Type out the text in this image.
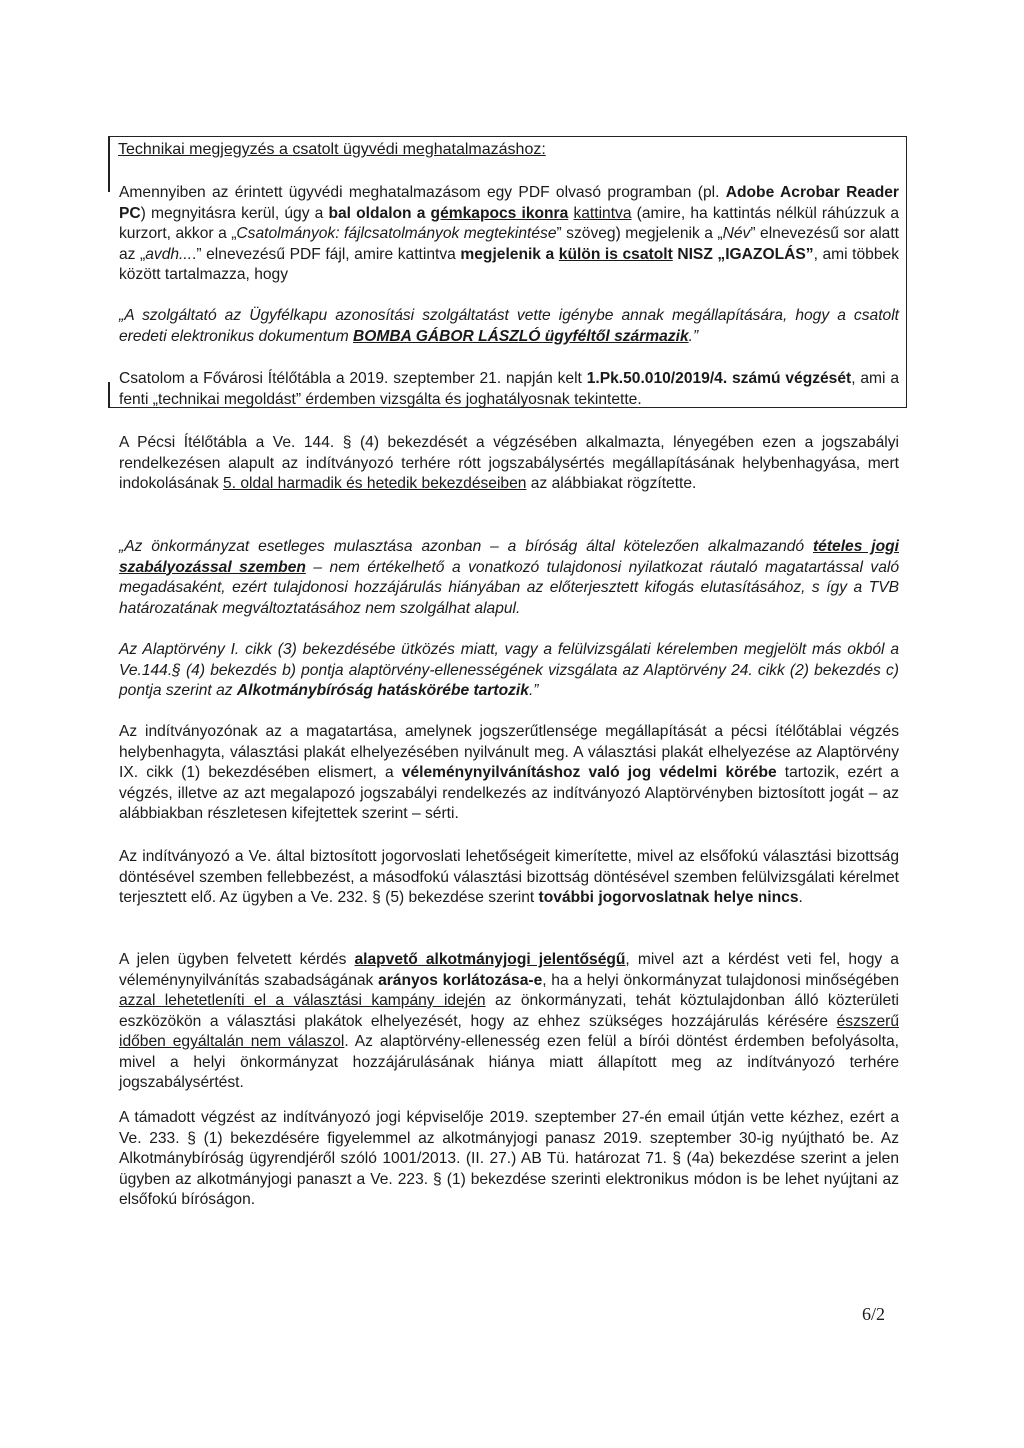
Technikai megjegyzés a csatolt ügyvédi meghatalmazáshoz:
Amennyiben az érintett ügyvédi meghatalmazásom egy PDF olvasó programban (pl. Adobe Acrobar Reader PC) megnyitásra kerül, úgy a bal oldalon a gémkapocs ikonra kattintva (amire, ha kattintás nélkül ráhúzzuk a kurzort, akkor a „Csatolmányok: fájlcsatolmányok megtekintése” szöveg) megjelenik a „Név” elnevezésű sor alatt az „avdh....” elnevezésű PDF fájl, amire kattintva megjelenik a külön is csatolt NISZ „IGAZOLÁS”, ami többek között tartalmazza, hogy
„A szolgáltató az Ügyfélkapu azonosítási szolgáltatást vette igénybe annak megállapítására, hogy a csatolt eredeti elektronikus dokumentum BOMBA GÁBOR LÁSZLÓ ügyféltől származik.”
Csatolom a Fővárosi Ítélőtábla a 2019. szeptember 21. napján kelt 1.Pk.50.010/2019/4. számú végzését, ami a fenti „technikai megoldást” érdemben vizsgálta és joghatályosnak tekintette.
A Pécsi Ítélőtábla a Ve. 144. § (4) bekezdését a végzésében alkalmazta, lényegében ezen a jogszabályi rendelkezésen alapult az indítványozó terhére rótt jogszabálysértés megállapításának helybenhagyása, mert indokolásának 5. oldal harmadik és hetedik bekezdéseiben az alábbiakat rögzítette.
„Az önkormányzat esetleges mulasztása azonban – a bíróság által kötelezően alkalmazandó tételes jogi szabályozással szemben – nem értékelhető a vonatkozó tulajdonosi nyilatkozat ráutaló magatartással való megadásaként, ezért tulajdonosi hozzájárulás hiányában az előterjesztett kifogás elutasításához, s így a TVB határozatának megváltoztatásához nem szolgálhat alapul.
Az Alaptörvény I. cikk (3) bekezdésébe ütközés miatt, vagy a felülvizsgálati kérelemben megjelölt más okból a Ve.144.§ (4) bekezdés b) pontja alaptörvény-ellenességének vizsgálata az Alaptörvény 24. cikk (2) bekezdés c) pontja szerint az Alkotmánybíróság hatáskörébe tartozik.”
Az indítványozónak az a magatartása, amelynek jogszerűtlensége megállapítását a pécsi ítélőtáblai végzés helybenhagyta, választási plakát elhelyezésében nyilvánult meg. A választási plakát elhelyezése az Alaptörvény IX. cikk (1) bekezdésében elismert, a véleménynyilvánításhoz való jog védelmi körébe tartozik, ezért a végzés, illetve az azt megalapozó jogszabályi rendelkezés az indítványozó Alaptörvényben biztosított jogát – az alábbiakban részletesen kifejtettek szerint – sérti.
Az indítványozó a Ve. által biztosított jogorvoslati lehetőségeit kimerítette, mivel az elsőfokú választási bizottság döntésével szemben fellebbezést, a másodfokú választási bizottság döntésével szemben felülvizsgálati kérelmet terjesztett elő. Az ügyben a Ve. 232. § (5) bekezdése szerint további jogorvoslatnak helye nincs.
A jelen ügyben felvetett kérdés alapvető alkotmányjogi jelentőségű, mivel azt a kérdést veti fel, hogy a véleménynyilvánítás szabadságának arányos korlátozása-e, ha a helyi önkormányzat tulajdonosi minőségében azzal lehetetleníti el a választási kampány idején az önkormányzati, tehát köztulajdonban álló közterületi eszközökön a választási plakátok elhelyezését, hogy az ehhez szükséges hozzájárulás kérésére észszerű időben egyáltalán nem válaszol. Az alaptörvény-ellenesség ezen felül a bírói döntést érdemben befolyásolta, mivel a helyi önkormányzat hozzájárulásának hiánya miatt állapított meg az indítványozó terhére jogszabálysértést.
A támadott végzést az indítványozó jogi képviselője 2019. szeptember 27-én email útján vette kézhez, ezért a Ve. 233. § (1) bekezdésére figyelemmel az alkotmányjogi panasz 2019. szeptember 30-ig nyújtható be. Az Alkotmánybíróság ügyrendjéről szóló 1001/2013. (II. 27.) AB Tü. határozat 71. § (4a) bekezdése szerint a jelen ügyben az alkotmányjogi panaszt a Ve. 223. § (1) bekezdése szerinti elektronikus módon is be lehet nyújtani az elsőfokú bíróságon.
6/2
